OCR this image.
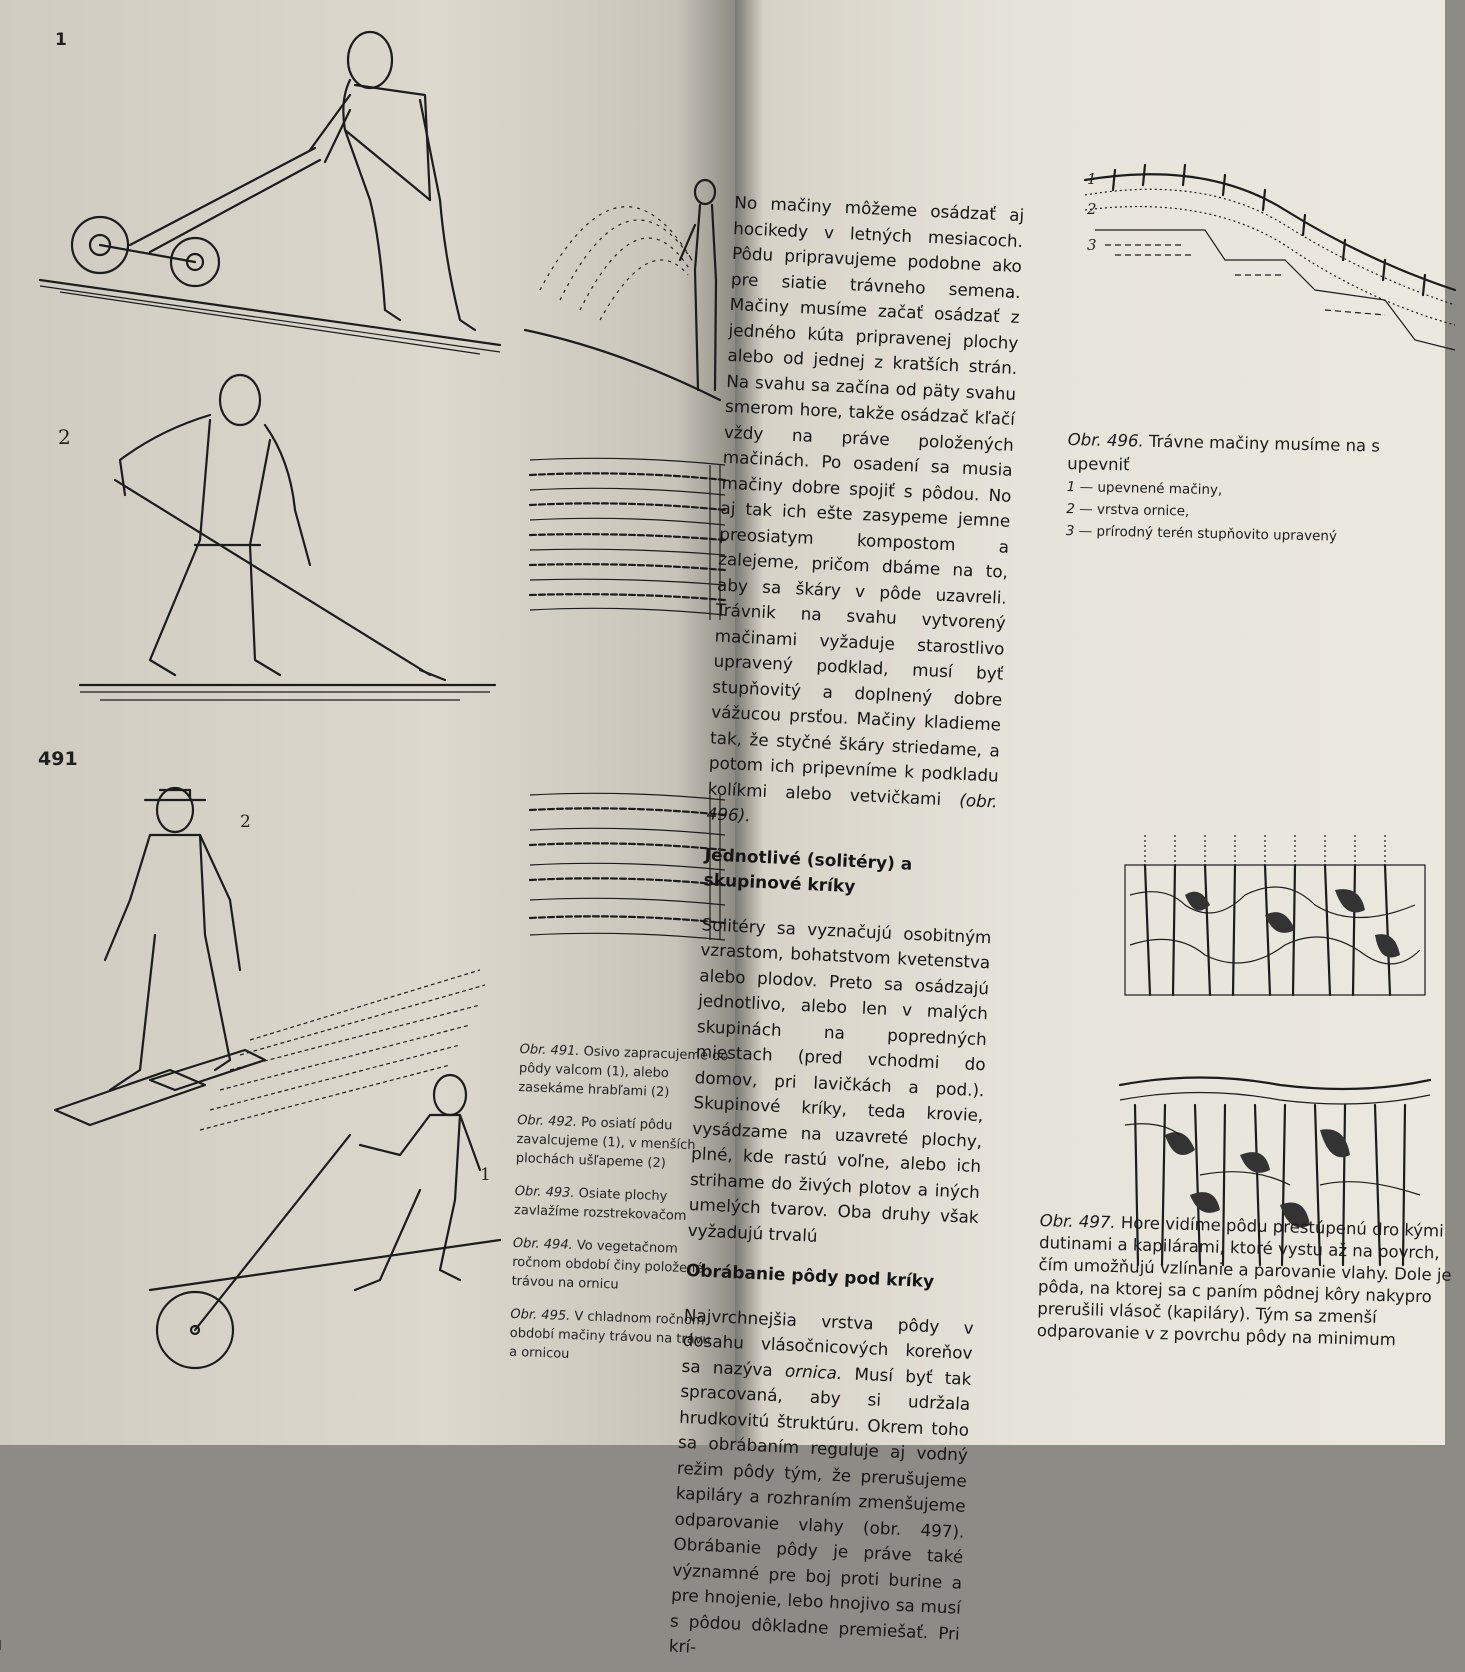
1
2
491
2
1

Obr. 491. Osivo zapracujeme do pôdy valcom (1), alebo zasekáme hrabľami (2)

Obr. 492. Po osiatí pôdu zavalcujeme (1), v menších plochách ušľapeme (2)

Obr. 493. Osiate plochy zavlažíme rozstrekovačom

Obr. 494. Vo vegetačnom ročnom období činy položené trávou na ornicu

Obr. 495. V chladnom ročnom období mačiny trávou na trávu a ornicou

1
2
3

No mačiny môžeme osádzať aj hocikedy v letných mesiacoch. Pôdu pripravujeme podobne ako pre siatie trávneho semena. Mačiny musíme začať osádzať z jedného kúta pripravenej plochy alebo od jednej z kratších strán. Na svahu sa začína od päty svahu smerom hore, takže osádzač kľačí vždy na práve položených mačinách. Po osadení sa musia mačiny dobre spojiť s pôdou. No aj tak ich ešte zasypeme jemne preosiatym kompostom a zalejeme, pričom dbáme na to, aby sa škáry v pôde uzavreli. Trávnik na svahu vytvorený mačinami vyžaduje starostlivo upravený podklad, musí byť stupňovitý a doplnený dobre vážucou prsťou. Mačiny kladieme tak, že styčné škáry striedame, a potom ich pripevníme k podkladu kolíkmi alebo vetvičkami (obr. 496).

Jednotlivé (solitéry) a skupinové kríky

Solitéry sa vyznačujú osobitným vzrastom, bohatstvom kvetenstva alebo plodov. Preto sa osádzajú jednotlivo, alebo len v malých skupinách na popredných miestach (pred vchodmi do domov, pri lavičkách a pod.). Skupinové kríky, teda krovie, vysádzame na uzavreté plochy, plné, kde rastú voľne, alebo ich strihame do živých plotov a iných umelých tvarov. Oba druhy však vyžadujú trvalú

Obrábanie pôdy pod kríky

Najvrchnejšia vrstva pôdy v dosahu vlásočnicových koreňov sa nazýva ornica. Musí byť tak spracovaná, aby si udržala hrudkovitú štruktúru. Okrem toho sa obrábaním reguluje aj vodný režim pôdy tým, že prerušujeme kapiláry a rozhraním zmenšujeme odparovanie vlahy (obr. 497). Obrábanie pôdy je práve také významné pre boj proti burine a pre hnojenie, lebo hnojivo sa musí s pôdou dôkladne premiešať. Pri krí-

Obr. 496. Trávne mačiny musíme na s
upevniť
1 — upevnené mačiny,
2 — vrstva ornice,
3 — prírodný terén stupňovito upravený

Obr. 497. Hore vidíme pôdu prestúpenú dro kými dutinami a kapilárami, ktoré vystu až na povrch, čím umožňujú vzlínanie a parovanie vlahy. Dole je pôda, na ktorej sa c paním pôdnej kôry nakypro prerušili vlásoč (kapiláry). Tým sa zmenší odparovanie v z povrchu pôdy na minimum
